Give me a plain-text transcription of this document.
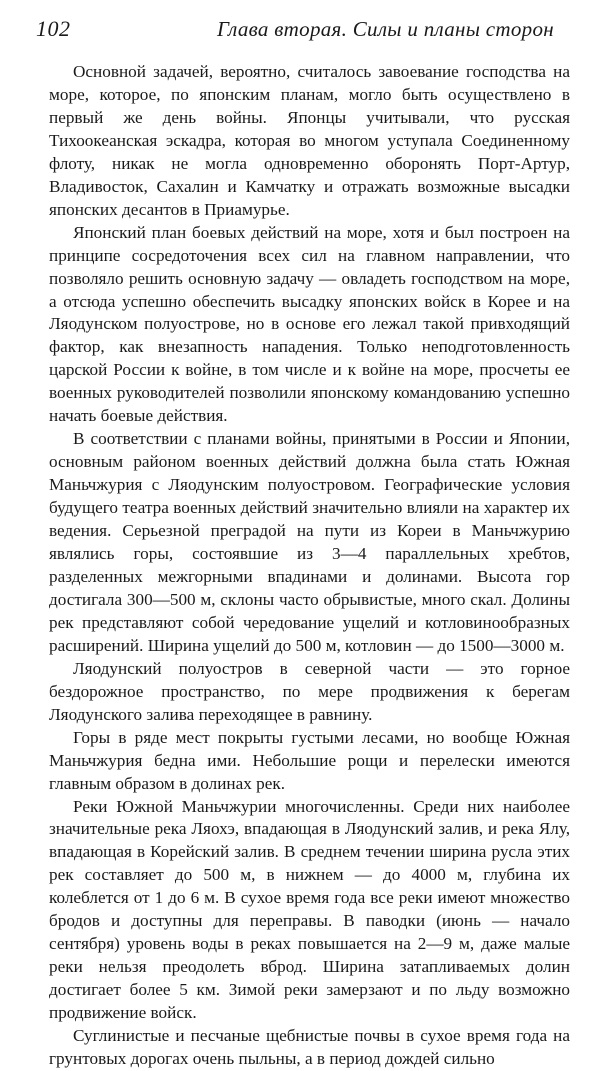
102	Глава вторая. Силы и планы сторон

Основной задачей, вероятно, считалось завоевание господства на море, которое, по японским планам, могло быть осуществлено в первый же день войны. Японцы учитывали, что русская Тихоокеанская эскадра, которая во многом уступала Соединенному флоту, никак не могла одновременно оборонять Порт-Артур, Владивосток, Сахалин и Камчатку и отражать возможные высадки японских десантов в Приамурье.

Японский план боевых действий на море, хотя и был построен на принципе сосредоточения всех сил на главном направлении, что позволяло решить основную задачу — овладеть господством на море, а отсюда успешно обеспечить высадку японских войск в Корее и на Ляодунском полуострове, но в основе его лежал такой привходящий фактор, как внезапность нападения. Только неподготовленность царской России к войне, в том числе и к войне на море, просчеты ее военных руководителей позволили японскому командованию успешно начать боевые действия.

В соответствии с планами войны, принятыми в России и Японии, основным районом военных действий должна была стать Южная Маньчжурия с Ляодунским полуостровом. Географические условия будущего театра военных действий значительно влияли на характер их ведения. Серьезной преградой на пути из Кореи в Маньчжурию являлись горы, состоявшие из 3—4 параллельных хребтов, разделенных межгорными впадинами и долинами. Высота гор достигала 300—500 м, склоны часто обрывистые, много скал. Долины рек представляют собой чередование ущелий и котловинообразных расширений. Ширина ущелий до 500 м, котловин — до 1500—3000 м.

Ляодунский полуостров в северной части — это горное бездорожное пространство, по мере продвижения к берегам Ляодунского залива переходящее в равнину.

Горы в ряде мест покрыты густыми лесами, но вообще Южная Маньчжурия бедна ими. Небольшие рощи и перелески имеются главным образом в долинах рек.

Реки Южной Маньчжурии многочисленны. Среди них наиболее значительные река Ляохэ, впадающая в Ляодунский залив, и река Ялу, впадающая в Корейский залив. В среднем течении ширина русла этих рек составляет до 500 м, в нижнем — до 4000 м, глубина их колеблется от 1 до 6 м. В сухое время года все реки имеют множество бродов и доступны для переправы. В паводки (июнь — начало сентября) уровень воды в реках повышается на 2—9 м, даже малые реки нельзя преодолеть вброд. Ширина затапливаемых долин достигает более 5 км. Зимой реки замерзают и по льду возможно продвижение войск.

Суглинистые и песчаные щебнистые почвы в сухое время года на грунтовых дорогах очень пыльны, а в период дождей сильно
